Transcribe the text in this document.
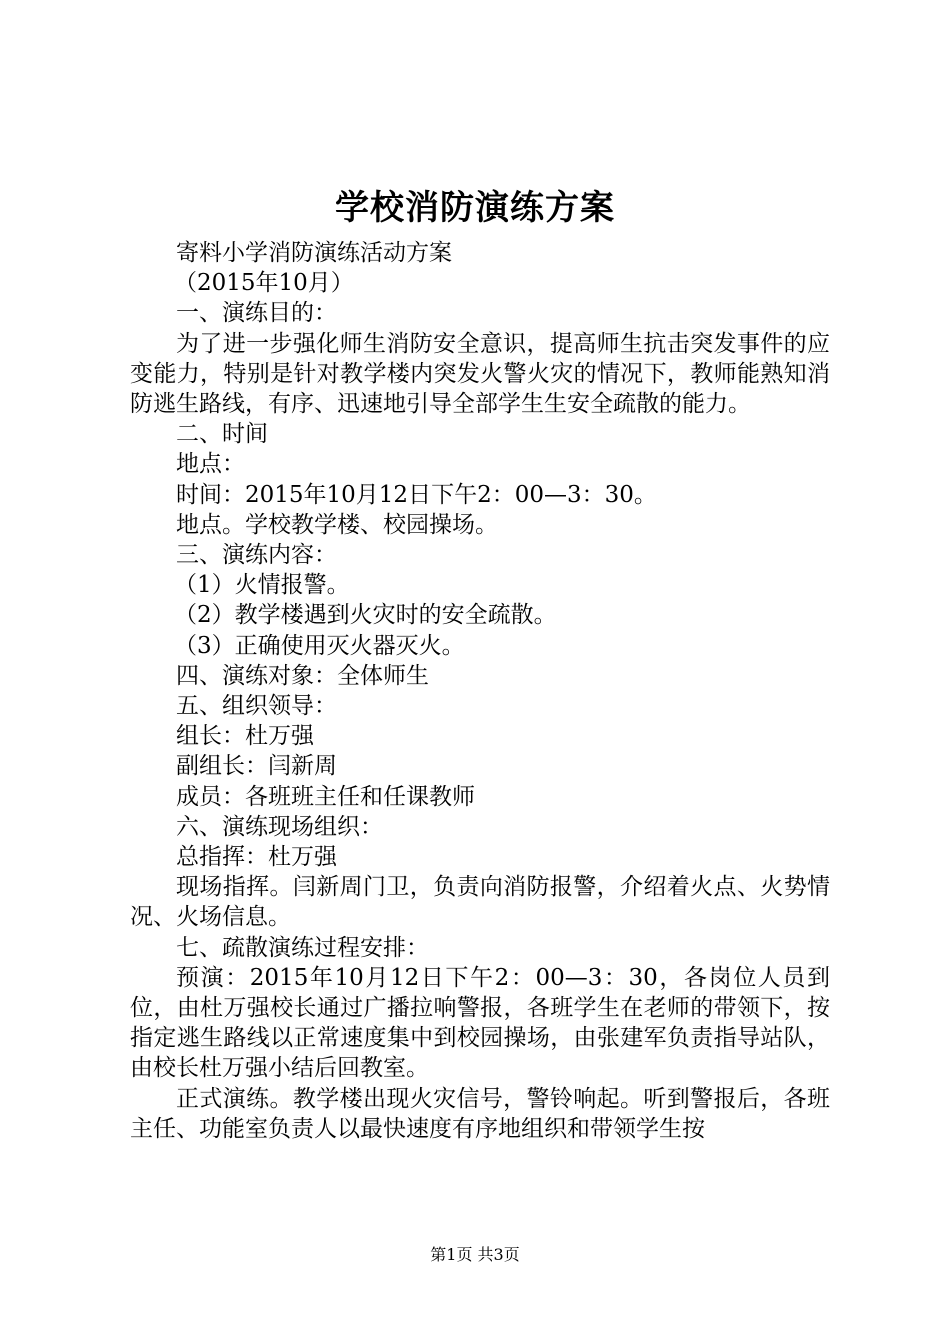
学校消防演练方案

寄料小学消防演练活动方案

（2015年10月）

一、演练目的：

为了进一步强化师生消防安全意识，提高师生抗击突发事件的应变能力，特别是针对教学楼内突发火警火灾的情况下，教师能熟知消防逃生路线，有序、迅速地引导全部学生生安全疏散的能力。

二、时间

地点：

时间：2015年10月12日下午2：00—3：30。

地点。学校教学楼、校园操场。

三、演练内容：

（1）火情报警。

（2）教学楼遇到火灾时的安全疏散。

（3）正确使用灭火器灭火。

四、演练对象：全体师生

五、组织领导：

组长：杜万强

副组长：闫新周

成员：各班班主任和任课教师

六、演练现场组织：

总指挥：杜万强

现场指挥。闫新周门卫，负责向消防报警，介绍着火点、火势情况、火场信息。

七、疏散演练过程安排：

预演：2015年10月12日下午2：00—3：30，各岗位人员到位，由杜万强校长通过广播拉响警报，各班学生在老师的带领下，按指定逃生路线以正常速度集中到校园操场，由张建军负责指导站队，由校长杜万强小结后回教室。

正式演练。教学楼出现火灾信号，警铃响起。听到警报后，各班主任、功能室负责人以最快速度有序地组织和带领学生按

第1页 共3页
